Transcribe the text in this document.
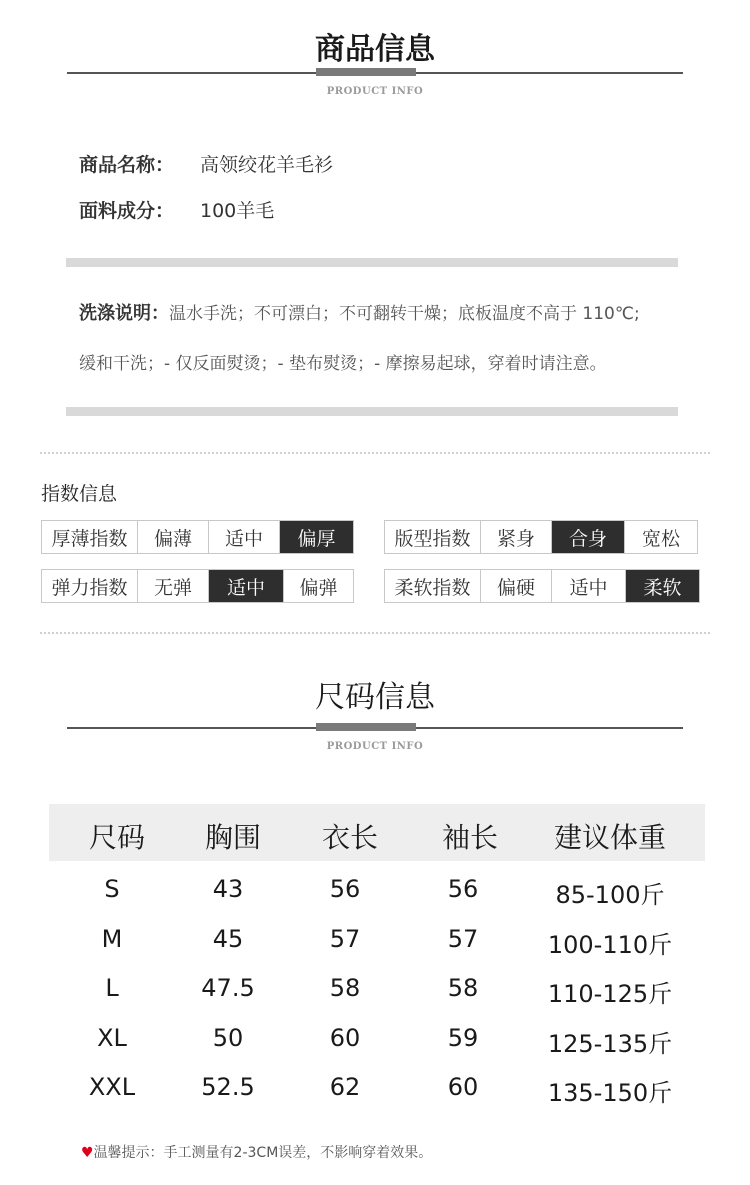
商品信息
PRODUCT INFO
商品名称： 高领绞花羊毛衫
面料成分： 100羊毛
洗涤说明：温水手洗；不可漂白；不可翻转干燥；底板温度不高于 110℃;
缓和干洗；- 仅反面熨烫；- 垫布熨烫；- 摩擦易起球，穿着时请注意。
指数信息
厚薄指数	偏薄	适中	偏厚	版型指数	紧身	合身	宽松
弹力指数	无弹	适中	偏弹	柔软指数	偏硬	适中	柔软
尺码信息
PRODUCT INFO
尺码	胸围	衣长	袖长	建议体重
S	43	56	56	85-100斤
M	45	57	57	100-110斤
L	47.5	58	58	110-125斤
XL	50	60	59	125-135斤
XXL	52.5	62	60	135-150斤
♥温馨提示：手工测量有2-3CM误差，不影响穿着效果。
